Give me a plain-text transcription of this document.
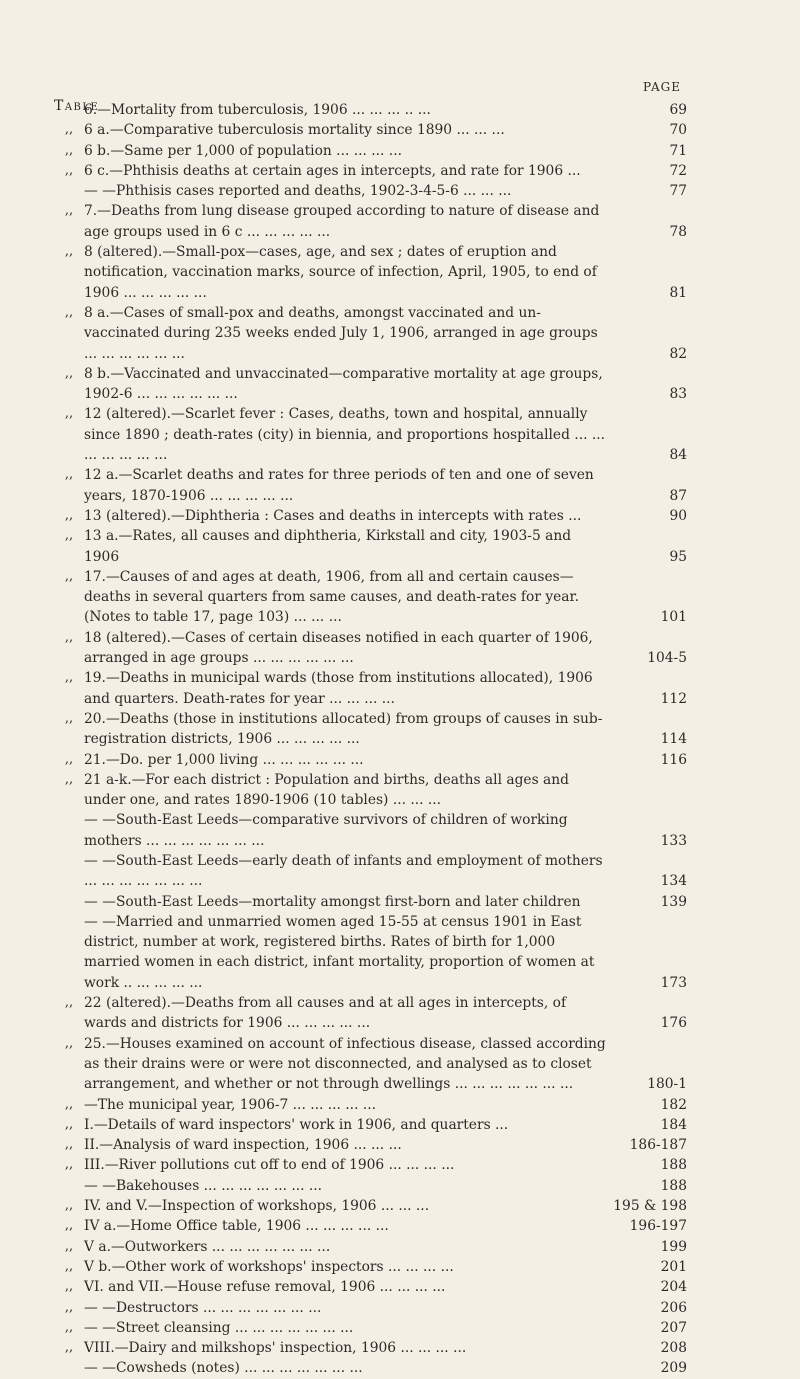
PAGE
Table
6.—Mortality from tuberculosis, 1906 ... ... ... .. ...	69
,, 6 a.—Comparative tuberculosis mortality since 1890 ... ... ...	70
,, 6 b.—Same per 1,000 of population ... ... ... ...	71
,, 6 c.—Phthisis deaths at certain ages in intercepts, and rate for 1906 ...	72
— —Phthisis cases reported and deaths, 1902-3-4-5-6 ... ... ...	77
,, 7.—Deaths from lung disease grouped according to nature of disease and age groups used in 6 c ... ... ... ... ...	78
,, 8 (altered).—Small-pox—cases, age, and sex ; dates of eruption and notification, vaccination marks, source of infection, April, 1905, to end of 1906 ... ... ... ... ...	81
,, 8 a.—Cases of small-pox and deaths, amongst vaccinated and un-vaccinated during 235 weeks ended July 1, 1906, arranged in age groups ... ... ... ... ... ...	82
,, 8 b.—Vaccinated and unvaccinated—comparative mortality at age groups, 1902-6 ... ... ... ... ... ...	83
,, 12 (altered).—Scarlet fever : Cases, deaths, town and hospital, annually since 1890 ; death-rates (city) in biennia, and proportions hospitalled ... ... ... ... ... ... ...	84
,, 12 a.—Scarlet deaths and rates for three periods of ten and one of seven years, 1870-1906 ... ... ... ... ...	87
,, 13 (altered).—Diphtheria : Cases and deaths in intercepts with rates ...	90
,, 13 a.—Rates, all causes and diphtheria, Kirkstall and city, 1903-5 and 1906	95
,, 17.—Causes of and ages at death, 1906, from all and certain causes—deaths in several quarters from same causes, and death-rates for year. (Notes to table 17, page 103) ... ... ...	101
,, 18 (altered).—Cases of certain diseases notified in each quarter of 1906, arranged in age groups ... ... ... ... ... ...	104-5
,, 19.—Deaths in municipal wards (those from institutions allocated), 1906 and quarters. Death-rates for year ... ... ... ...	112
,, 20.—Deaths (those in institutions allocated) from groups of causes in sub-registration districts, 1906 ... ... ... ... ...	114
,, 21.—Do. per 1,000 living ... ... ... ... ... ...	116
,, 21 a-k.—For each district : Population and births, deaths all ages and under one, and rates 1890-1906 (10 tables) ... ... ...
— —South-East Leeds—comparative survivors of children of working mothers ... ... ... ... ... ... ...	133
— —South-East Leeds—early death of infants and employment of mothers ... ... ... ... ... ... ...	134
— —South-East Leeds—mortality amongst first-born and later children	139
— —Married and unmarried women aged 15-55 at census 1901 in East district, number at work, registered births. Rates of birth for 1,000 married women in each district, infant mortality, proportion of women at work .. ... ... ... ...	173
,, 22 (altered).—Deaths from all causes and at all ages in intercepts, of wards and districts for 1906 ... ... ... ... ...	176
,, 25.—Houses examined on account of infectious disease, classed according as their drains were or were not disconnected, and analysed as to closet arrangement, and whether or not through dwellings ... ... ... ... ... ... ...	180-1
,, —The municipal year, 1906-7 ... ... ... ... ...	182
,, I.—Details of ward inspectors' work in 1906, and quarters ...	184
,, II.—Analysis of ward inspection, 1906 ... ... ...	186-187
,, III.—River pollutions cut off to end of 1906 ... ... ... ...	188
— —Bakehouses ... ... ... ... ... ... ...	188
,, IV. and V.—Inspection of workshops, 1906 ... ... ...	195 & 198
,, IV a.—Home Office table, 1906 ... ... ... ... ...	196-197
,, V a.—Outworkers ... ... ... ... ... ... ...	199
,, V b.—Other work of workshops' inspectors ... ... ... ...	201
,, VI. and VII.—House refuse removal, 1906 ... ... ... ...	204
,, — —Destructors ... ... ... ... ... ... ...	206
,, — —Street cleansing ... ... ... ... ... ... ...	207
,, VIII.—Dairy and milkshops' inspection, 1906 ... ... ... ...	208
— —Cowsheds (notes) ... ... ... ... ... ... ...	209
